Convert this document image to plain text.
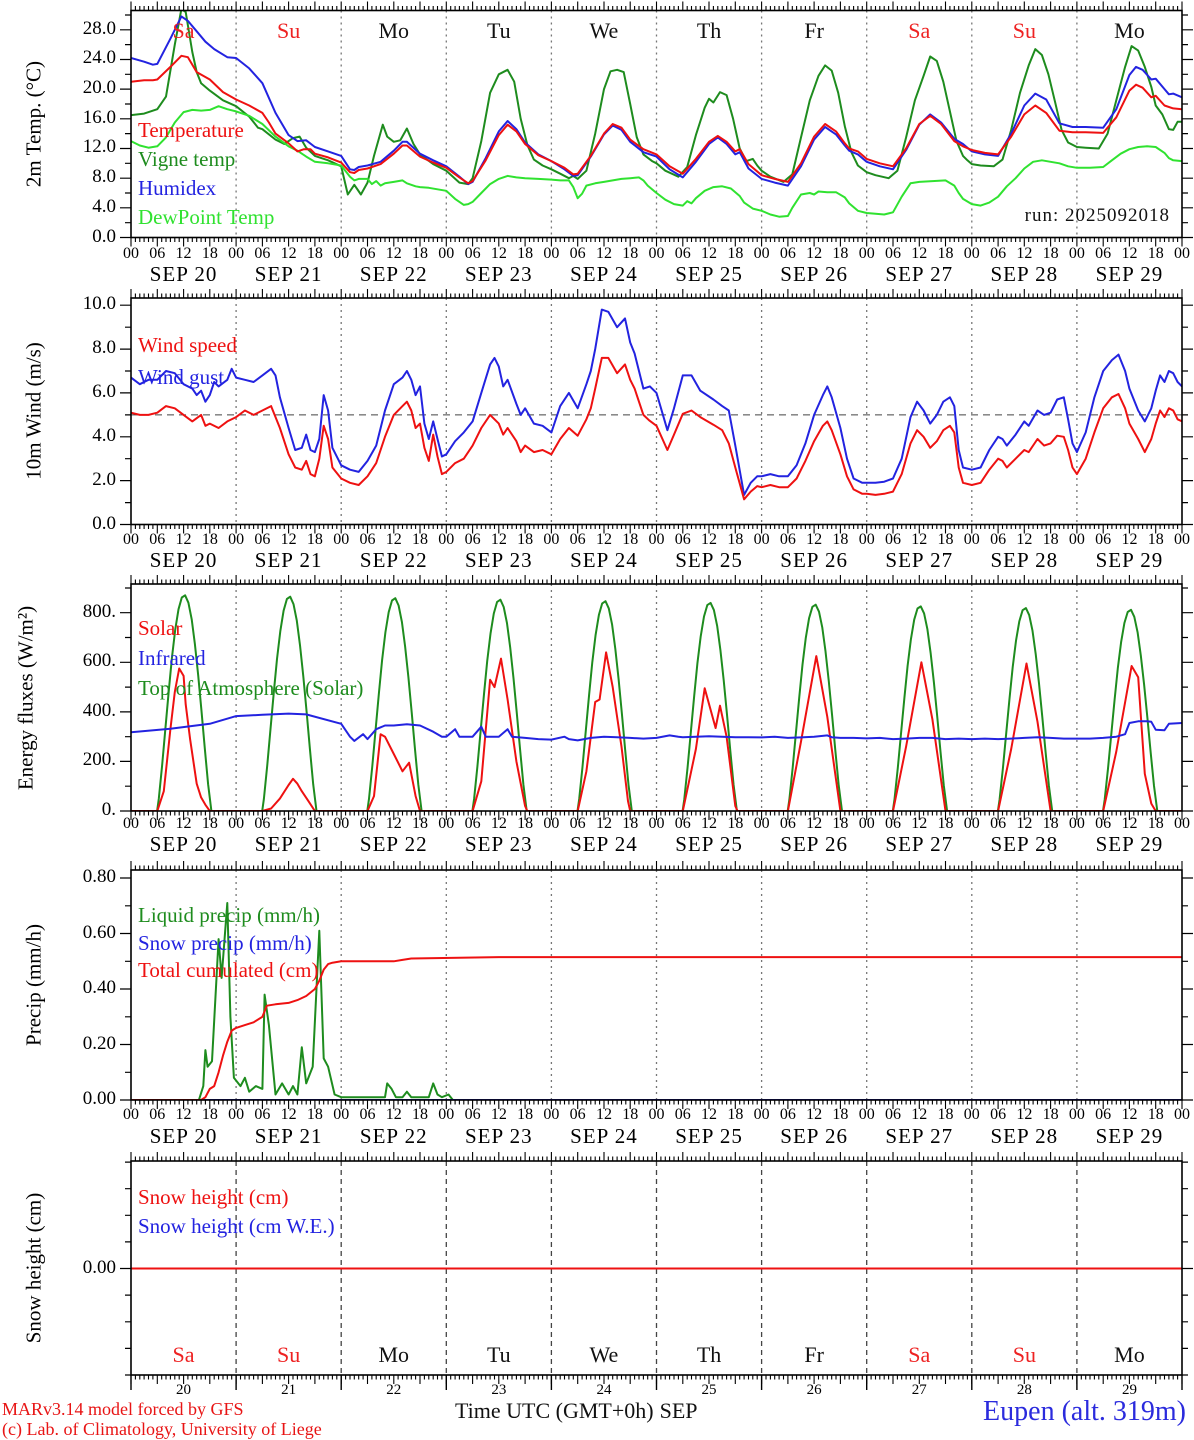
0.0
4.0
8.0
12.0
16.0
20.0
24.0
28.0
00 06 12 18
SEP 20
00 06 12 18
SEP 21
00 06 12 18
SEP 22
00 06 12 18
SEP 23
00 06 12 18
SEP 24
00 06 12 18
SEP 25
00 06 12 18
SEP 26
00 06 12 18
SEP 27
00 06 12 18
SEP 28
00 06 12 18
SEP 29
00
2m Temp. (°C)	Temperature
Vigne temp
Humidex
DewPoint Temp
0.0
2.0
4.0
6.0
8.0
10.0
00 06 12 18
SEP 20
00 06 12 18
SEP 21
00 06 12 18
SEP 22
00 06 12 18
SEP 23
00 06 12 18
SEP 24
00 06 12 18
SEP 25
00 06 12 18
SEP 26
00 06 12 18
SEP 27
00 06 12 18
SEP 28
00 06 12 18
SEP 29
00
10m Wind (m/s)	Wind speed
Wind gust
0.
200.
400.
600.
800.
00 06 12 18
SEP 20
00 06 12 18
SEP 21
00 06 12 18
SEP 22
00 06 12 18
SEP 23
00 06 12 18
SEP 24
00 06 12 18
SEP 25
00 06 12 18
SEP 26
00 06 12 18
SEP 27
00 06 12 18
SEP 28
00 06 12 18
SEP 29
00
Energy fluxes (W/m²)	Solar
Infrared
Top of Atmosphere (Solar)
0.00
0.20
0.40
0.60
0.80
00 06 12 18
SEP 20
00 06 12 18
SEP 21
00 06 12 18
SEP 22
00 06 12 18
SEP 23
00 06 12 18
SEP 24
00 06 12 18
SEP 25
00 06 12 18
SEP 26
00 06 12 18
SEP 27
00 06 12 18
SEP 28
00 06 12 18
SEP 29
00
Precip (mm/h)
Liquid precip (mm/h)
Snow precip (mm/h)
Total cumulated (cm)
0.00
Snow height (cm)	Snow height (cm)
Snow height (cm W.E.)
Sa
Sa
20
Su
Su
21
Mo
Mo
22
Tu
Tu
23
We
We
24
Th
Th
25
Fr
Fr
26
Sa
Sa
27
Su
Su
28
Mo
Mo
29
run: 2025092018
MARv3.14 model forced by GFS
(c) Lab. of Climatology, University of Liege
Time UTC (GMT+0h) SEP	Eupen (alt. 319m)
